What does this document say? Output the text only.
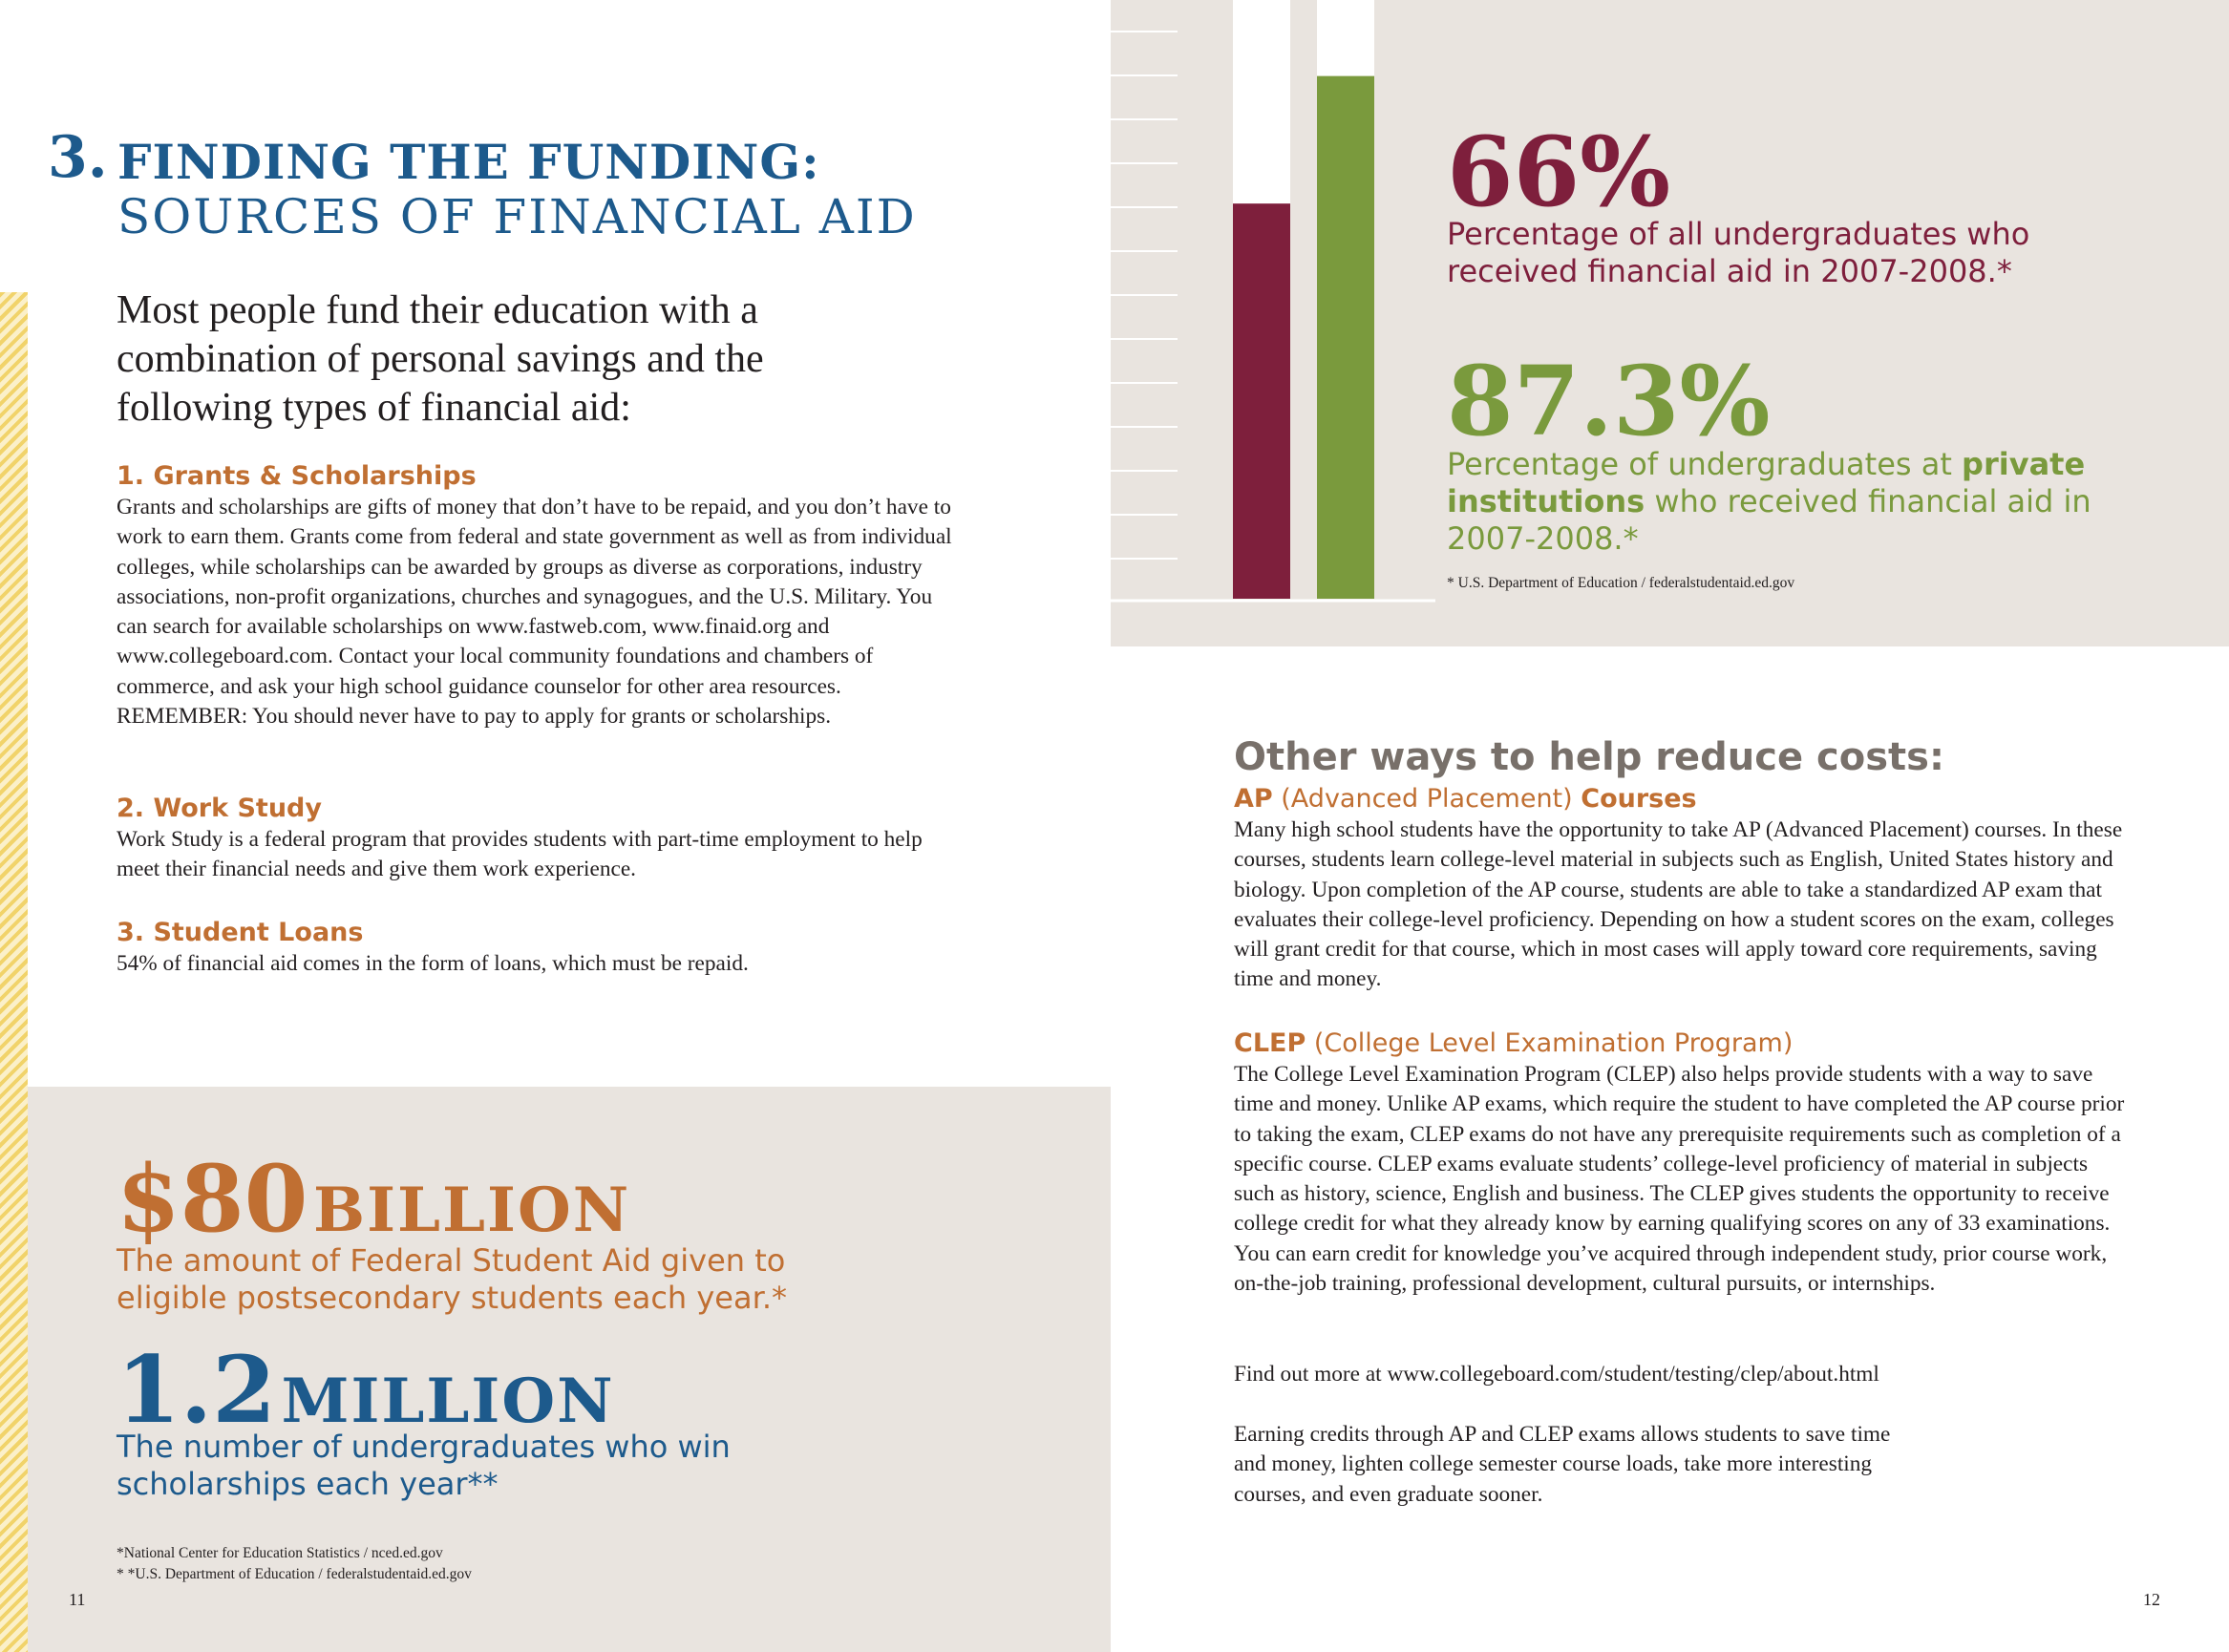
3. FINDING THE FUNDING:
SOURCES OF FINANCIAL AID

Most people fund their education with a combination of personal savings and the following types of financial aid:

1. Grants & Scholarships
Grants and scholarships are gifts of money that don’t have to be repaid, and you don’t have to work to earn them. Grants come from federal and state government as well as from individual colleges, while scholarships can be awarded by groups as diverse as corporations, industry associations, non-profit organizations, churches and synagogues, and the U.S. Military. You can search for available scholarships on www.fastweb.com, www.finaid.org and www.collegeboard.com. Contact your local community foundations and chambers of commerce, and ask your high school guidance counselor for other area resources. REMEMBER: You should never have to pay to apply for grants or scholarships.
2. Work Study
Work Study is a federal program that provides students with part-time employment to help meet their financial needs and give them work experience.
3. Student Loans
54% of financial aid comes in the form of loans, which must be repaid.
$80 BILLION
The amount of Federal Student Aid given to eligible postsecondary students each year.*
1.2 MILLION
The number of undergraduates who win scholarships each year**
*National Center for Education Statistics / nced.ed.gov
* *U.S. Department of Education / federalstudentaid.ed.gov
11
66%
Percentage of all undergraduates who received financial aid in 2007-2008.*
87.3%
Percentage of undergraduates at private institutions who received financial aid in 2007-2008.*
* U.S. Department of Education / federalstudentaid.ed.gov
Other ways to help reduce costs:
AP (Advanced Placement) Courses
Many high school students have the opportunity to take AP (Advanced Placement) courses. In these courses, students learn college-level material in subjects such as English, United States history and biology. Upon completion of the AP course, students are able to take a standardized AP exam that evaluates their college-level proficiency. Depending on how a student scores on the exam, colleges will grant credit for that course, which in most cases will apply toward core requirements, saving time and money.
CLEP (College Level Examination Program)
The College Level Examination Program (CLEP) also helps provide students with a way to save time and money. Unlike AP exams, which require the student to have completed the AP course prior to taking the exam, CLEP exams do not have any prerequisite requirements such as completion of a specific course. CLEP exams evaluate students’ college-level proficiency of material in subjects such as history, science, English and business. The CLEP gives students the opportunity to receive college credit for what they already know by earning qualifying scores on any of 33 examinations. You can earn credit for knowledge you’ve acquired through independent study, prior course work, on-the-job training, professional development, cultural pursuits, or internships.

Find out more at www.collegeboard.com/student/testing/clep/about.html

Earning credits through AP and CLEP exams allows students to save time and money, lighten college semester course loads, take more interesting courses, and even graduate sooner.

12
